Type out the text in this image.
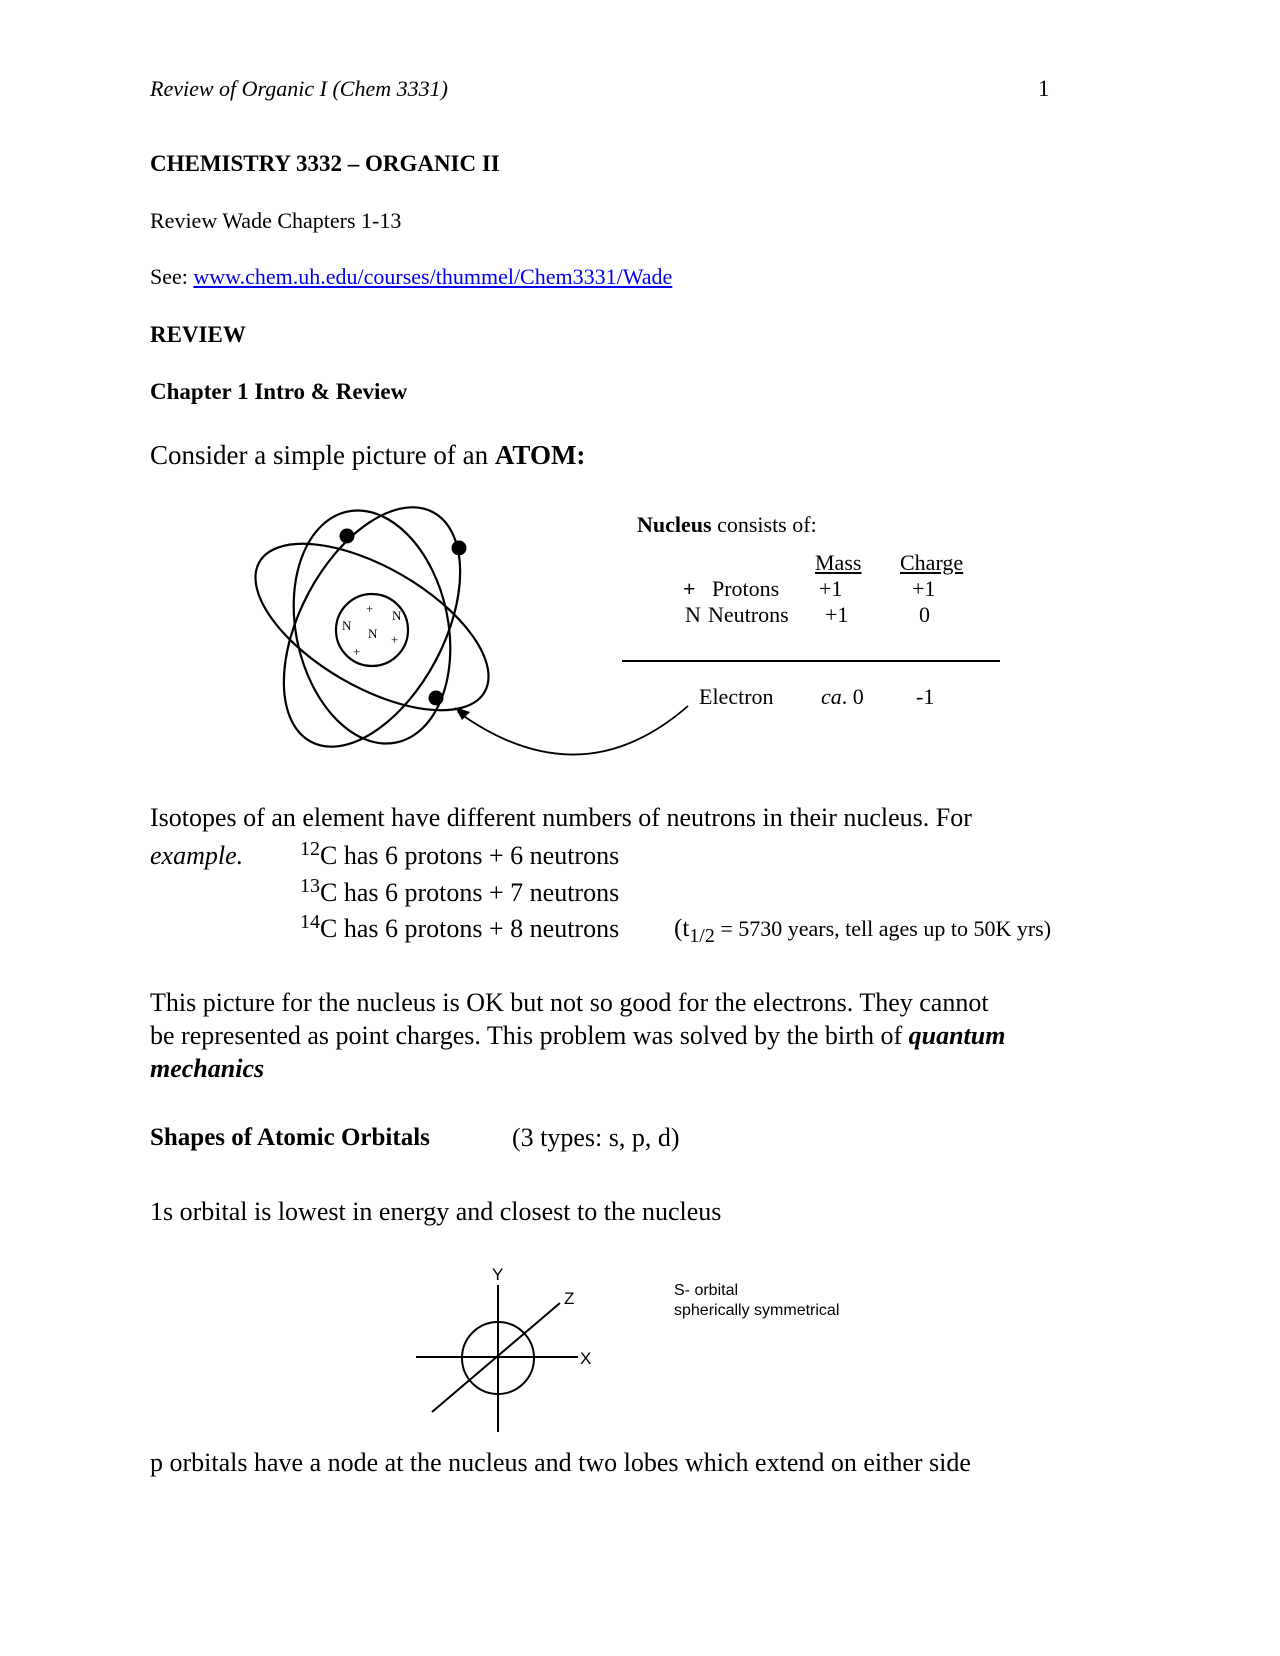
Review of Organic I (Chem 3331)	1
CHEMISTRY 3332 – ORGANIC II
Review Wade Chapters 1-13
See: www.chem.uh.edu/courses/thummel/Chem3331/Wade
REVIEW
Chapter 1 Intro & Review
Consider a simple picture of an ATOM:
+ N
N
N +
+
Nucleus consists of:
Mass Charge
+ Protons +1	+1
N Neutrons +1	0
Electron ca. 0 -1
Isotopes of an element have different numbers of neutrons in their nucleus. For
example.	$^{12}$C has 6 protons + 6 neutrons
$^{13}$C has 6 protons + 7 neutrons
$^{14}$C has 6 protons + 8 neutrons ($t_{1/2} = 5730$ years, tell ages up to 50K yrs)
This picture for the nucleus is OK but not so good for the electrons. They cannot
be represented as point charges. This problem was solved by the birth of quantum
mechanics
Shapes of Atomic Orbitals	(3 types: s, p, d)
1s orbital is lowest in energy and closest to the nucleus
Y
Z
X
S- orbital
spherically symmetrical
p orbitals have a node at the nucleus and two lobes which extend on either side
